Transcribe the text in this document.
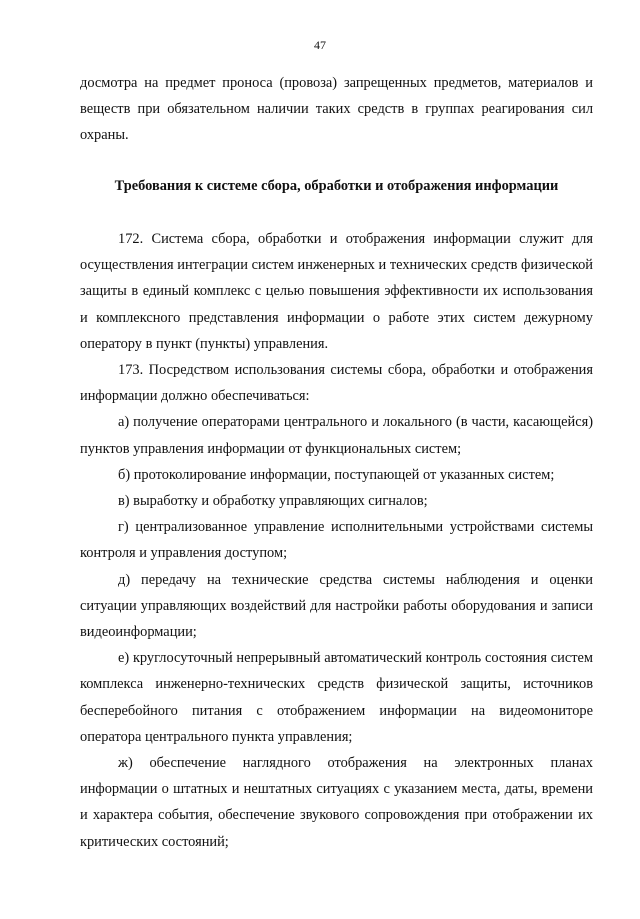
47

досмотра на предмет проноса (провоза) запрещенных предметов, материалов и веществ при обязательном наличии таких средств в группах реагирования сил охраны.

Требования к системе сбора, обработки и отображения информации

172. Система сбора, обработки и отображения информации служит для осуществления интеграции систем инженерных и технических средств физической защиты в единый комплекс с целью повышения эффективности их использования и комплексного представления информации о работе этих систем дежурному оператору в пункт (пункты) управления.

173. Посредством использования системы сбора, обработки и отображения информации должно обеспечиваться:

а) получение операторами центрального и локального (в части, касающейся) пунктов управления информации от функциональных систем;

б) протоколирование информации, поступающей от указанных систем;

в) выработку и обработку управляющих сигналов;

г) централизованное управление исполнительными устройствами системы контроля и управления доступом;

д) передачу на технические средства системы наблюдения и оценки ситуации управляющих воздействий для настройки работы оборудования и записи видеоинформации;

е) круглосуточный непрерывный автоматический контроль состояния систем комплекса инженерно-технических средств физической защиты, источников бесперебойного питания с отображением информации на видеомониторе оператора центрального пункта управления;

ж) обеспечение наглядного отображения на электронных планах информации о штатных и нештатных ситуациях с указанием места, даты, времени и характера события, обеспечение звукового сопровождения при отображении их критических состояний;
